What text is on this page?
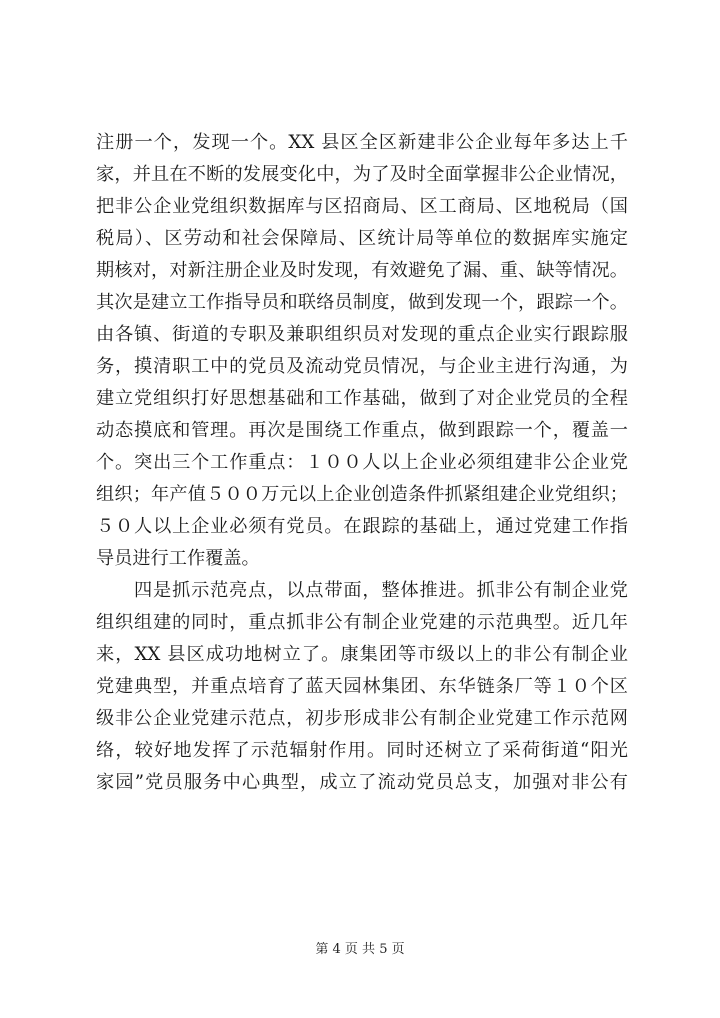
注册一个，发现一个。XX 县区全区新建非公企业每年多达上千
家，并且在不断的发展变化中，为了及时全面掌握非公企业情况，
把非公企业党组织数据库与区招商局、区工商局、区地税局（国
税局）、区劳动和社会保障局、区统计局等单位的数据库实施定
期核对，对新注册企业及时发现，有效避免了漏、重、缺等情况。
其次是建立工作指导员和联络员制度，做到发现一个，跟踪一个。
由各镇、街道的专职及兼职组织员对发现的重点企业实行跟踪服
务，摸清职工中的党员及流动党员情况，与企业主进行沟通，为
建立党组织打好思想基础和工作基础，做到了对企业党员的全程
动态摸底和管理。再次是围绕工作重点，做到跟踪一个，覆盖一
个。突出三个工作重点：１００人以上企业必须组建非公企业党
组织；年产值５００万元以上企业创造条件抓紧组建企业党组织；
５０人以上企业必须有党员。在跟踪的基础上，通过党建工作指
导员进行工作覆盖。
四是抓示范亮点，以点带面，整体推进。抓非公有制企业党
组织组建的同时，重点抓非公有制企业党建的示范典型。近几年
来，XX 县区成功地树立了。康集团等市级以上的非公有制企业
党建典型，并重点培育了蓝天园林集团、东华链条厂等１０个区
级非公企业党建示范点，初步形成非公有制企业党建工作示范网
络，较好地发挥了示范辐射作用。同时还树立了采荷街道“阳光
家园”党员服务中心典型，成立了流动党员总支，加强对非公有
第 4 页 共 5 页
